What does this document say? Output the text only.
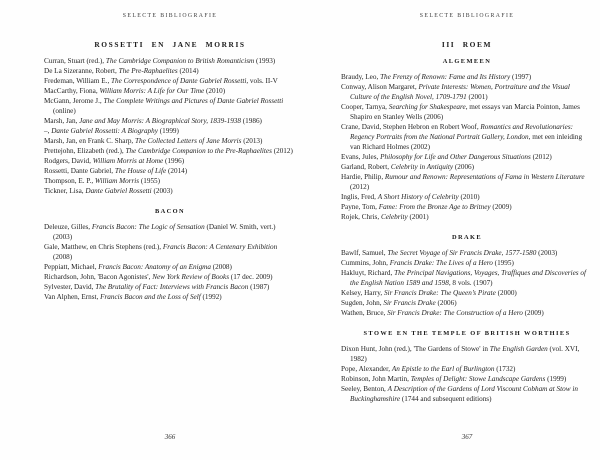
SELECTE BIBLIOGRAFIE
ROSSETTI EN JANE MORRIS

Curran, Stuart (red.), The Cambridge Companion to British Romanticism (1993)

De La Sizeranne, Robert, The Pre-Raphaelites (2014)

Fredeman, William E., The Correspondence of Dante Gabriel Rossetti, vols. II-V

MacCarthy, Fiona, William Morris: A Life for Our Time (2010)

McGann, Jerome J., The Complete Writings and Pictures of Dante Gabriel Rossetti (online)

Marsh, Jan, Jane and May Morris: A Biographical Story, 1839-1938 (1986)

–, Dante Gabriel Rossetti: A Biography (1999)

Marsh, Jan, en Frank C. Sharp, The Collected Letters of Jane Morris (2013)

Prettejohn, Elizabeth (red.), The Cambridge Companion to the Pre-Raphaelites (2012)

Rodgers, David, William Morris at Home (1996)

Rossetti, Dante Gabriel, The House of Life (2014)

Thompson, E. P., William Morris (1955)

Tickner, Lisa, Dante Gabriel Rossetti (2003)

BACON

Deleuze, Gilles, Francis Bacon: The Logic of Sensation (Daniel W. Smith, vert.) (2003)

Gale, Matthew, en Chris Stephens (red.), Francis Bacon: A Centenary Exhibition (2008)

Peppiatt, Michael, Francis Bacon: Anatomy of an Enigma (2008)

Richardson, John, 'Bacon Agonistes', New York Review of Books (17 dec. 2009)

Sylvester, David, The Brutality of Fact: Interviews with Francis Bacon (1987)

Van Alphen, Ernst, Francis Bacon and the Loss of Self (1992)

366
SELECTE BIBLIOGRAFIE
III ROEM
ALGEMEEN

Braudy, Leo, The Frenzy of Renown: Fame and Its History (1997)

Conway, Alison Margaret, Private Interests: Women, Portraiture and the Visual Culture of the English Novel, 1709-1791 (2001)

Cooper, Tarnya, Searching for Shakespeare, met essays van Marcia Pointon, James Shapiro en Stanley Wells (2006)

Crane, David, Stephen Hebron en Robert Woof, Romantics and Revolutionaries: Regency Portraits from the National Portrait Gallery, London, met een inleiding van Richard Holmes (2002)

Evans, Jules, Philosophy for Life and Other Dangerous Situations (2012)

Garland, Robert, Celebrity in Antiquity (2006)

Hardie, Philip, Rumour and Renown: Representations of Fama in Western Literature (2012)

Inglis, Fred, A Short History of Celebrity (2010)

Payne, Tom, Fame: From the Bronze Age to Britney (2009)

Rojek, Chris, Celebrity (2001)

DRAKE

Bawlf, Samuel, The Secret Voyage of Sir Francis Drake, 1577-1580 (2003)

Cummins, John, Francis Drake: The Lives of a Hero (1995)

Hakluyt, Richard, The Principal Navigations, Voyages, Traffiques and Discoveries of the English Nation 1589 and 1598, 8 vols. (1907)

Kelsey, Harry, Sir Francis Drake: The Queen’s Pirate (2000)

Sugden, John, Sir Francis Drake (2006)

Wathen, Bruce, Sir Francis Drake: The Construction of a Hero (2009)

STOWE EN THE TEMPLE OF BRITISH WORTHIES

Dixon Hunt, John (red.), 'The Gardens of Stowe' in The English Garden (vol. XVI, 1982)

Pope, Alexander, An Epistle to the Earl of Burlington (1732)

Robinson, John Martin, Temples of Delight: Stowe Landscape Gardens (1999)

Seeley, Benton, A Description of the Gardens of Lord Viscount Cobham at Stow in Buckinghamshire (1744 and subsequent editions)

367
